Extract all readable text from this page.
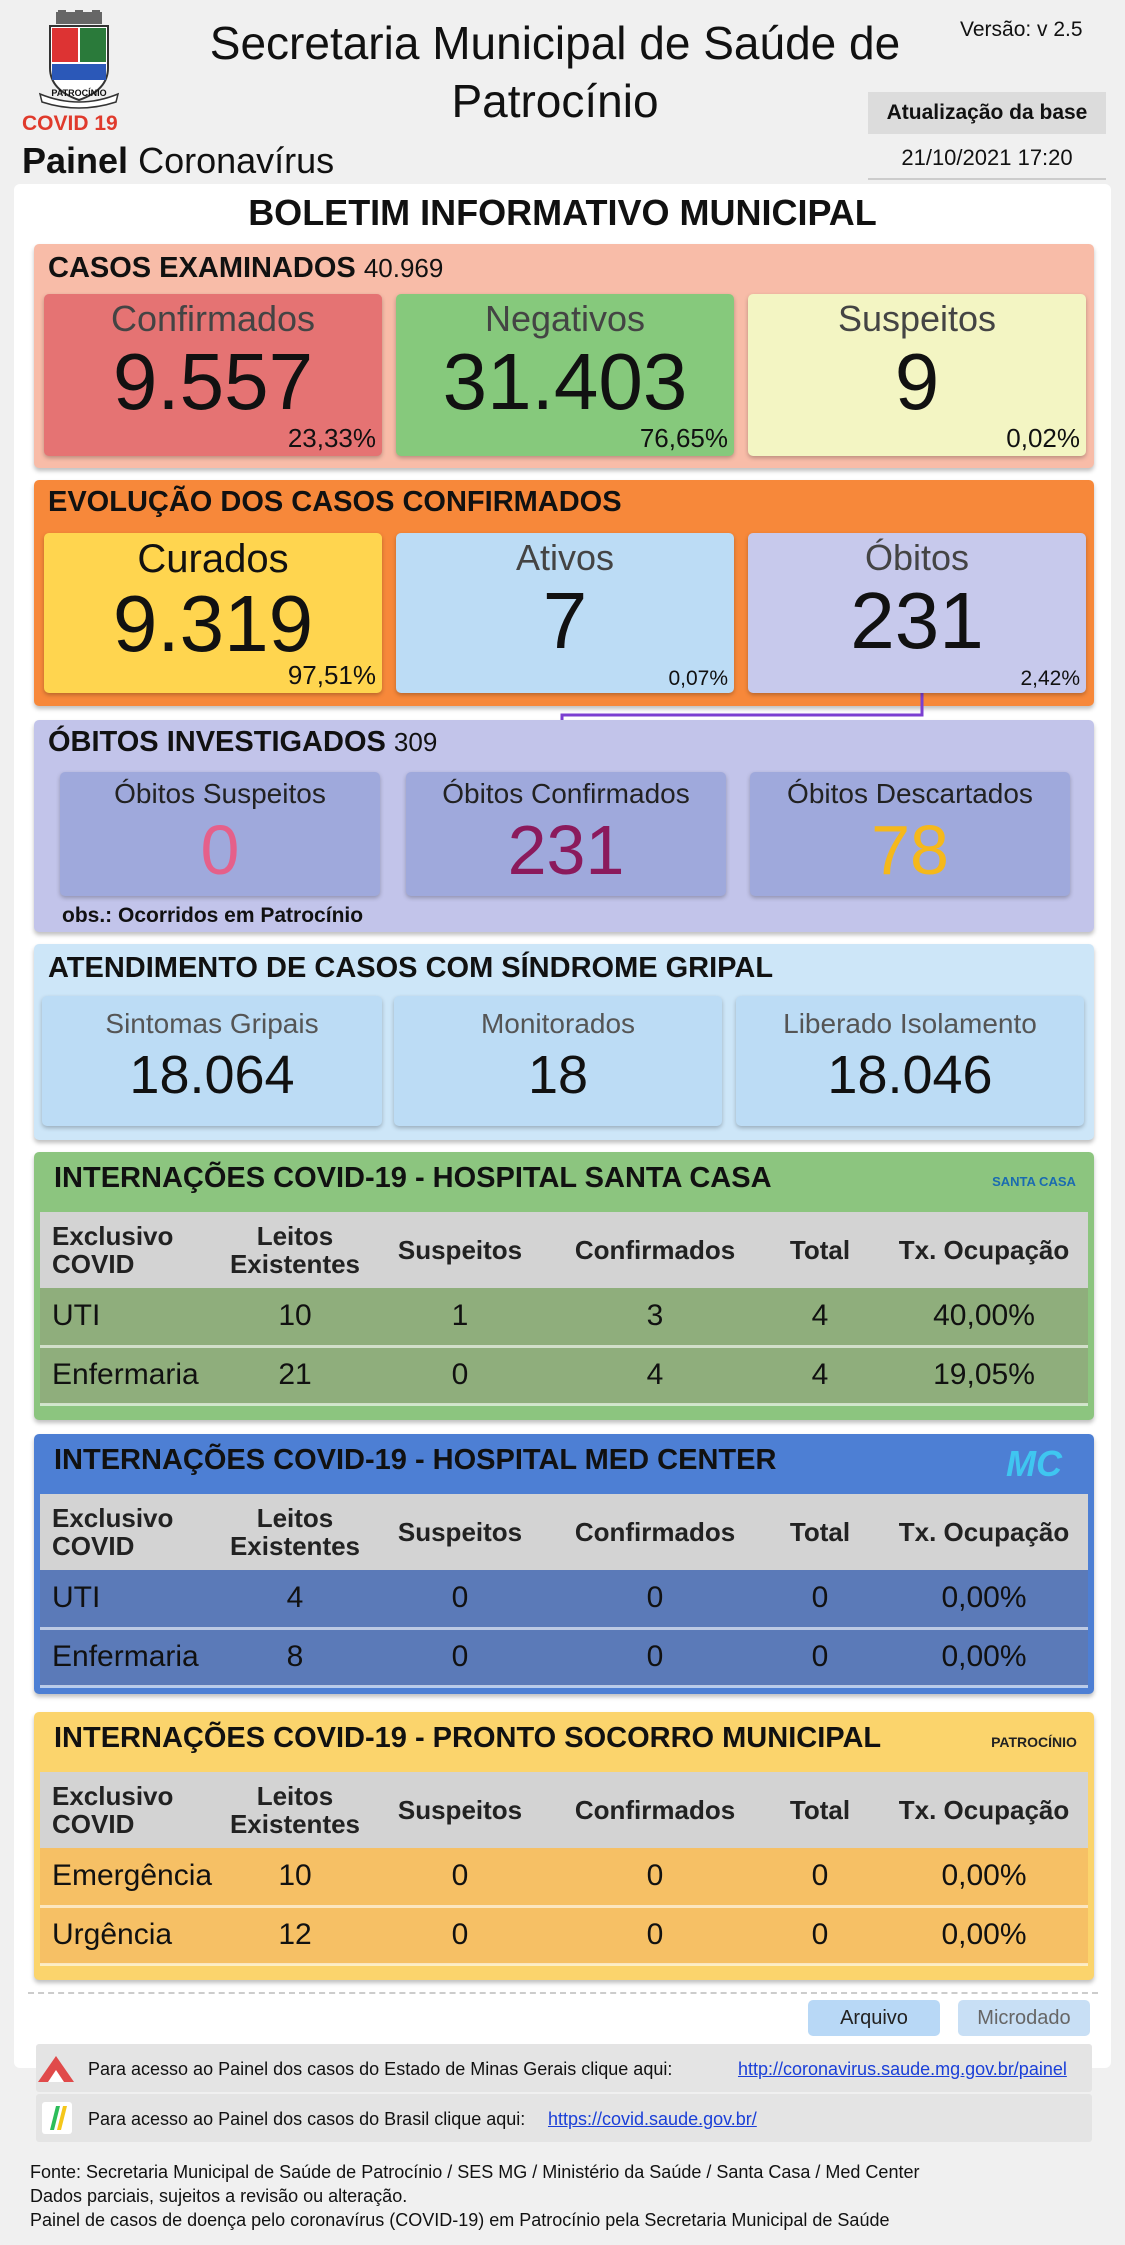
PATROCÍNIO
COVID 19
Painel Coronavírus
Secretaria Municipal de Saúde de Patrocínio
Versão: v 2.5
Atualização da base
21/10/2021 17:20
BOLETIM INFORMATIVO MUNICIPAL
CASOS EXAMINADOS 40.969
EVOLUÇÃO DOS CASOS CONFIRMADOS
ÓBITOS INVESTIGADOS 309
obs.: Ocorridos em Patrocínio
ATENDIMENTO DE CASOS COM SÍNDROME GRIPAL
Arquivo	Microdado
Para acesso ao Painel dos casos do Estado de Minas Gerais clique aqui:	http://coronavirus.saude.mg.gov.br/painel
Para acesso ao Painel dos casos do Brasil clique aqui: https://covid.saude.gov.br/
Fonte: Secretaria Municipal de Saúde de Patrocínio / SES MG / Ministério da Saúde / Santa Casa / Med Center
Dados parciais, sujeitos a revisão ou alteração.
Painel de casos de doença pelo coronavírus (COVID-19) em Patrocínio pela Secretaria Municipal de Saúde
Confirmados
9.557
23,33%
Negativos
31.403
76,65%
Suspeitos
9
0,02%
Curados
9.319
97,51%
Ativos
7
0,07%
Óbitos
231
2,42%
Óbitos Suspeitos
0
Óbitos Confirmados
231
Óbitos Descartados
78
Sintomas Gripais
18.064
Monitorados
18
Liberado Isolamento
18.046
INTERNAÇÕES COVID-19 - HOSPITAL SANTA CASA	SANTA CASA
Exclusivo COVID	Leitos Existentes	Suspeitos	Confirmados	Total	Tx. Ocupação
UTI	10	1	3	4	40,00%
Enfermaria	21	0	4	4	19,05%
INTERNAÇÕES COVID-19 - HOSPITAL MED CENTER	MC
Exclusivo COVID	Leitos Existentes	Suspeitos	Confirmados	Total	Tx. Ocupação
UTI	4	0	0	0	0,00%
Enfermaria	8	0	0	0	0,00%
INTERNAÇÕES COVID-19 - PRONTO SOCORRO MUNICIPAL	PATROCÍNIO
Exclusivo COVID	Leitos Existentes	Suspeitos	Confirmados	Total	Tx. Ocupação
Emergência	10	0	0	0	0,00%
Urgência	12	0	0	0	0,00%
